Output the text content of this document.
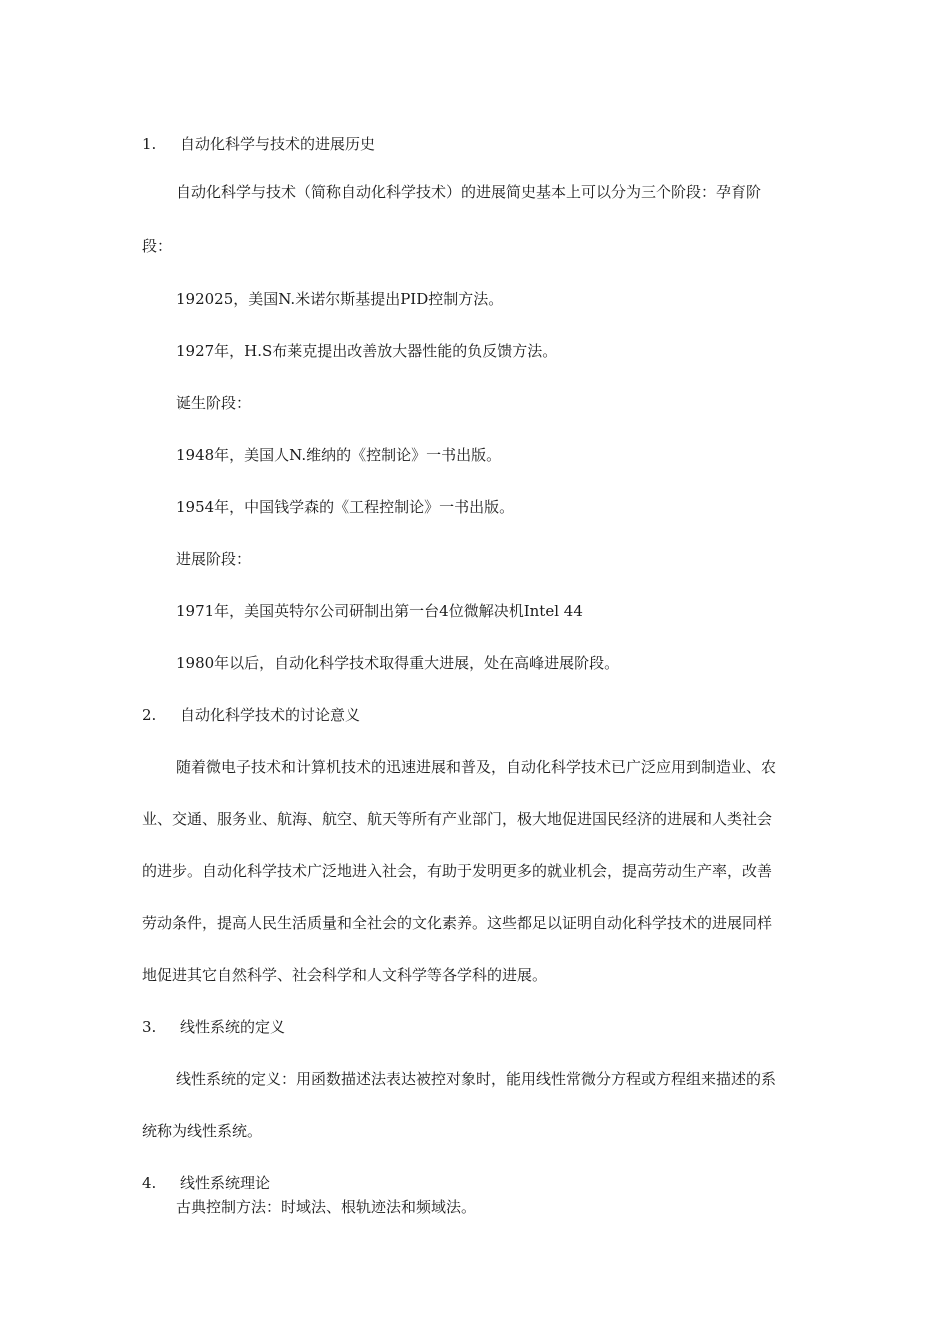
1. 自动化科学与技术的进展历史
自动化科学与技术（简称自动化科学技术）的进展简史基本上可以分为三个阶段：孕育阶
段：
192025，美国N.米诺尔斯基提出PID控制方法。
1927年，H.S布莱克提出改善放大器性能的负反馈方法。
诞生阶段：
1948年，美国人N.维纳的《控制论》一书出版。
1954年，中国钱学森的《工程控制论》一书出版。
进展阶段：
1971年，美国英特尔公司研制出第一台4位微解决机Intel 44
1980年以后，自动化科学技术取得重大进展，处在高峰进展阶段。
2. 自动化科学技术的讨论意义
随着微电子技术和计算机技术的迅速进展和普及，自动化科学技术已广泛应用到制造业、农
业、交通、服务业、航海、航空、航天等所有产业部门，极大地促进国民经济的进展和人类社会
的进步。自动化科学技术广泛地进入社会，有助于发明更多的就业机会，提高劳动生产率，改善
劳动条件，提高人民生活质量和全社会的文化素养。这些都足以证明自动化科学技术的进展同样
地促进其它自然科学、社会科学和人文科学等各学科的进展。
3. 线性系统的定义
线性系统的定义：用函数描述法表达被控对象时，能用线性常微分方程或方程组来描述的系
统称为线性系统。
4. 线性系统理论
古典控制方法：时域法、根轨迹法和频域法。
